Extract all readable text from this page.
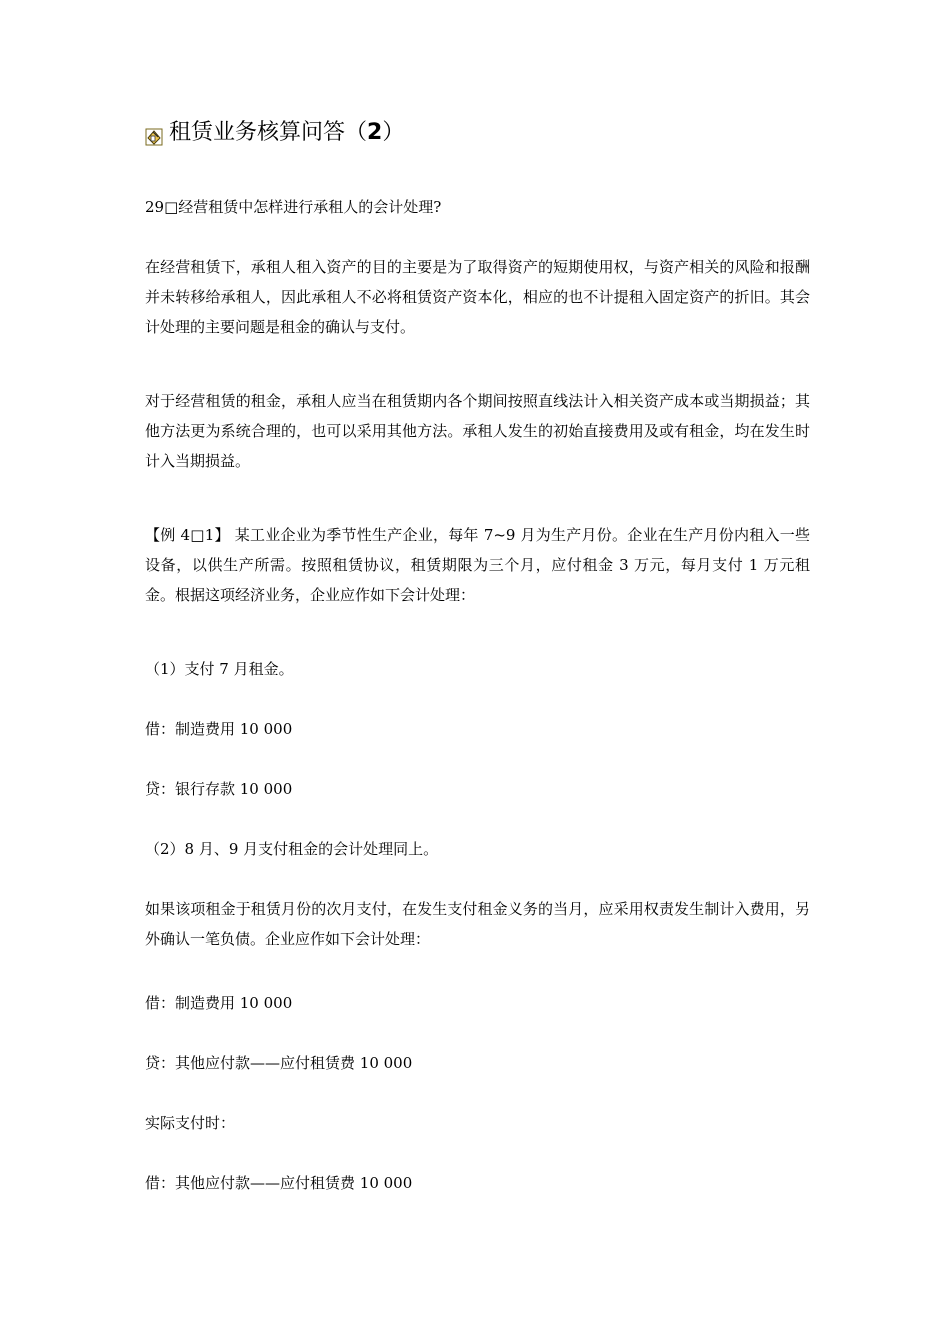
租赁业务核算问答（ 2 ）

29□经营租赁中怎样进行承租人的会计处理?

在经营租赁下，承租人租入资产的目的主要是为了取得资产的短期使用权，与资产相关的风险和报酬并未转移给承租人，因此承租人不必将租赁资产资本化，相应的也不计提租入固定资产的折旧。其会计处理的主要问题是租金的确认与支付。

对于经营租赁的租金，承租人应当在租赁期内各个期间按照直线法计入相关资产成本或当期损益；其他方法更为系统合理的，也可以采用其他方法。承租人发生的初始直接费用及或有租金，均在发生时计入当期损益。

【例 4□1】 某工业企业为季节性生产企业，每年 7~9 月为生产月份。企业在生产月份内租入一些设备，以供生产所需。按照租赁协议，租赁期限为三个月，应付租金 3 万元，每月支付 1 万元租金。根据这项经济业务，企业应作如下会计处理：

（1）支付 7 月租金。

借：制造费用 10 000

贷：银行存款 10 000

（2）8 月、9 月支付租金的会计处理同上。

如果该项租金于租赁月份的次月支付，在发生支付租金义务的当月，应采用权责发生制计入费用，另外确认一笔负债。企业应作如下会计处理：

借：制造费用 10 000

贷：其他应付款——应付租赁费 10 000

实际支付时：

借：其他应付款——应付租赁费 10 000
